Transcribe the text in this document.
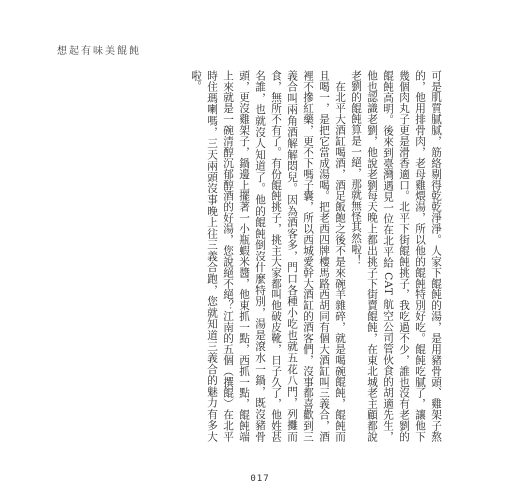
想起有味美餛飩

可是肌質膩腻，筋絡剔得乾乾淨淨。人家下餛飩的湯，是用豬骨頭、雞架子熬的，他用排骨肉，老母雞煨湯，所以他的餛飩特別好吃。餛飩吃膩了，讓他下幾個肉丸子更是滑香適口。北平下街餛飩挑子，我吃過不少，誰也沒有老劉的餛飩高明。後來到臺灣遇見一位在北平給 CAT 航空公司管伙食的胡適先生，他也認識老劉，他說老劉每天晚上都出挑子下街賣餛飩，在東北城老主顧都說老劉的餛飩算是一絕，那就無怪其然啦！

在北平大酒缸喝酒，酒足飯飽之後不是來碗羊雜碎，就是喝碗餛飩，餛飩而且喝一，是把它當成湯喝。把老西四牌樓馬路西胡同有個大酒缸叫三義合，酒裡不摻紅藥，更不下嗎子囊，所以西城愛幹大酒缸的酒客們，沒事都喜歡到三義合叫兩角酒解解悶兒。因為酒客多，門口各種小吃也就五花八門，列攤而食，無所不有了。有份餛飩挑子，挑主大家都叫他破皮靴，日子久了，他姓甚名誰，也就沒人知道了。他的餛飩倒沒什麼特別，湯是滾水一鍋，既沒豬骨頭，更沒雞架子，鍋邊上擺著一小瓶蝦米醬，他東抓一點，西抓一點，餛飩端上來就是一碗清醇沉郁醇酒的好湯，您說絕不絕？江南的五個（撰餛）在北平時住瑪喇嗎，三天兩頭沒事晚上往三義合跑，您就知道三義合的魅力有多大啦。

017
